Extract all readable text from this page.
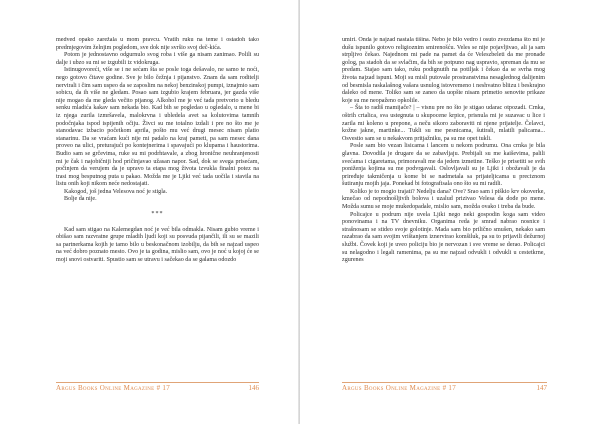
medved opako zarežala u mom pravcu. Vratih ruku na teme i ostadoh tako predmjegovim želnjim pogledom, sve dok nije svršio svoj deč-kića.

Potom je jednostavno odgurnulo svog roba i više ga nisam zanimao. Polili su dalje i ubzo su mi se izgubili iz vidokruga.

Istinugovoreći, više se i ne sećam šta se posle toga dešavalo, ne samo te noći, nego gotovo čitave godine. Sve je bilo čežnja i pijanstvo. Znam da sam roditelji nervirali i čim sam uspeo da se zaposlim na nekoj benzinskoj pumpi, iznajmio sam sobicu, da ih više ne gledam. Posao sam izgubio krajem februara, jer gazda više nije mogao da me gleda večito pijanog. Alkohol me je već tada pretvorio u bledu senku mladića kakav sam nekada bio. Kad bih se pogledao u ogledalo, u mene bi iz njega zurila izmršavela, malokrvna i ubledela avet sa kolutovima tamnih podočnjaka ispod ispijenih očiju. Živci su me totalno izdali i pre no što me je stanodavac izbacio početkom aprila, pošto mu već drugi mesec nisam platio stanarinu. Da se vraćam kući nije mi padalo na kraj pameti, pa sam mesec dana proveo na ulici, preturajući po kontejnerima i spavajući po klupama i haustorima. Budio sam se grčevima, ruke su mi podrhtavale, a zbog hronične neuhranjenosti mi je čak i najobičniji hod pričinjavao užasan napor. Sad, dok se svega prisećam, počinjem da verujem da je upravo ta etapa mog života izvukla finalni potez na trasi mog besputnog puta u pakao. Možda me je Ljiki već tada uočila i stavila na listu onih koji nikom neće nedostajati.

Kakogod, još jedna Velesova noć je stigla.

Bolje da nije.

***

Kad sam stigao na Kalemegdan noć je već bila odmakla. Nisam gubio vreme i obišao sam razvratne grupe mladih ljudi koji su posvuda pijančili, ili su se mazili sa partnerkama kojih je tamo bilo u beskonačnom izobilju, da bih se najzad uspeo na već dobro poznato mesto. Ovo je ta godina, mislio sam, ovo je noć u kojoj će se moji snovi ostvariti. Spustio sam se utravu i sačekao da se galama odozdo

Argus Books Online Magazine # 17	146

umiri. Onda je najzad nastala tišina. Nebo je bilo vedro i osuto zvezdama što mi je dušu ispunilo gotovo religioznim smirenošću. Veles se nije pojavljivao, ali ja sam strpljivo čekao. Najednom mi pade na pamet da će Veleszbeleti da me pronađe golog, pa stadoh da se svlačim, da bih se potpuno nag uspravio, spreman da mu se predam. Stajao sam tako, ruku podignutih na potiljak i čekao da se svrha mog života najzad ispuni. Moji su misli putovale prostranstvima nesaglednog dalijenim od besmisla raskalašnog vašara usnulog istovremeno i neshvatno bliizu i beskrajno daleko od mene. Toliko sam se zanео da uopšte nisam primetio senovite prikaze koje su me neopaženo opkolile.

– Šta to radiš mamijače? | – visnu pre no što je stigao udarac otpozadi. Crnka, oštrih crtalica, sva ustegnuta u skupocene krpice, prisnula mi je suzavac u lice i zarila mi koleno u prepone, a neču sikoro zaboraviti ni njene prijatelje. Čelavci, kožne jakne, martinke... Tukli su me pesnicama, šutirali, mlatili palicama... Osvestio sam se u nekakvom pritjažniku, pa su me opet tukli.

Posle sam bio vezan lisicama i lancem u nekom podrumu. Ona crnka je bila glavna. Dovodila je drugare da se zabavljaju. Prebijali su me kaiševima, palili svećama i cigaretama, primoravali me da jedem izmetine. Teško je prisetiti se svih poniženja kojima su me podvrgavali. Oslovljavali su je Ljiki i obožavali je da prirеđuje takmičenja u kome bi se nadmetala sa prijateljicama u preciznom šutiranju mojih jaja. Ponekad bi fotografisala ono što su mi radili.

Koliko je to mogio trajati? Nedelju dana? Ove? Srao sam i piškio krv okoverke, kmečao od nepodnošljivih bolova i uzalud prizivao Velesa da dođe po mene. Možda sumu se moje mukedopadale, mislio sam, možda ovako i treba da bude.

Policajce u podrum nije uvela Ljiki nego neki gospodin koga sam video ponovinama i na TV dnevniku. Organima reda je smrad nabrao nosnice i strašnosam se stideo svoje golotinje. Mada sam bio prilično smušen, nekako sam razabrao da sam svojim vrištanjem iznervirao komšiluk, pa su to prijavili dežurnoj službi. Čovek koji je uvеo policiju bio je nervozan i sve vreme se derao. Policajci su nelagodno i legali ramenima, pa su me najzad odvukli i odvukli u cestetkrne, zgurenеs

Argus Books Online Magazine # 17	147
